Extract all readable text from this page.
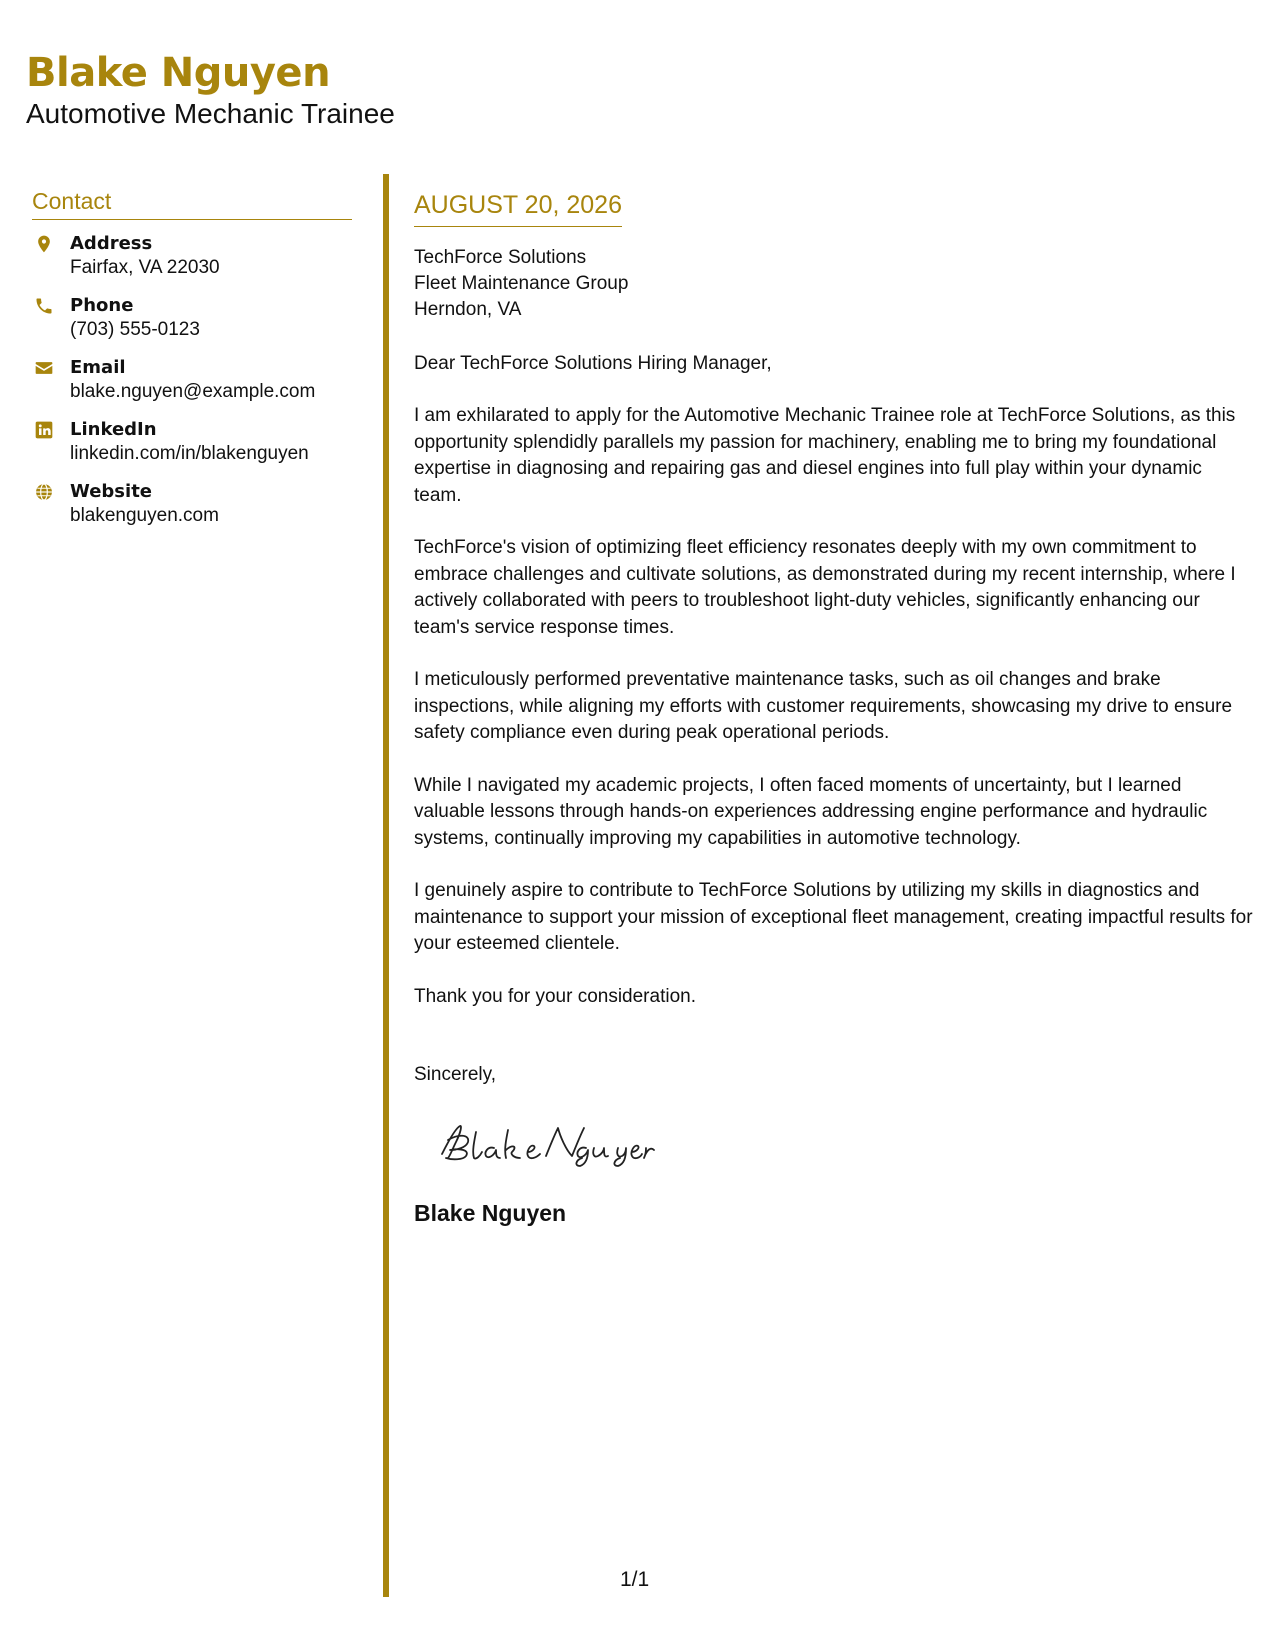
Blake Nguyen
Automotive Mechanic Trainee
Contact
Address
Fairfax, VA 22030
Phone
(703) 555-0123
Email
blake.nguyen@example.com
LinkedIn
linkedin.com/in/blakenguyen
Website
blakenguyen.com
AUGUST 20, 2026
TechForce Solutions
Fleet Maintenance Group
Herndon, VA
Dear TechForce Solutions Hiring Manager,
I am exhilarated to apply for the Automotive Mechanic Trainee role at TechForce Solutions, as this opportunity splendidly parallels my passion for machinery, enabling me to bring my foundational expertise in diagnosing and repairing gas and diesel engines into full play within your dynamic team.
TechForce's vision of optimizing fleet efficiency resonates deeply with my own commitment to embrace challenges and cultivate solutions, as demonstrated during my recent internship, where I actively collaborated with peers to troubleshoot light-duty vehicles, significantly enhancing our team's service response times.
I meticulously performed preventative maintenance tasks, such as oil changes and brake inspections, while aligning my efforts with customer requirements, showcasing my drive to ensure safety compliance even during peak operational periods.
While I navigated my academic projects, I often faced moments of uncertainty, but I learned valuable lessons through hands-on experiences addressing engine performance and hydraulic systems, continually improving my capabilities in automotive technology.
I genuinely aspire to contribute to TechForce Solutions by utilizing my skills in diagnostics and maintenance to support your mission of exceptional fleet management, creating impactful results for your esteemed clientele.
Thank you for your consideration.
Sincerely,
Blake Nguyen
1/1
